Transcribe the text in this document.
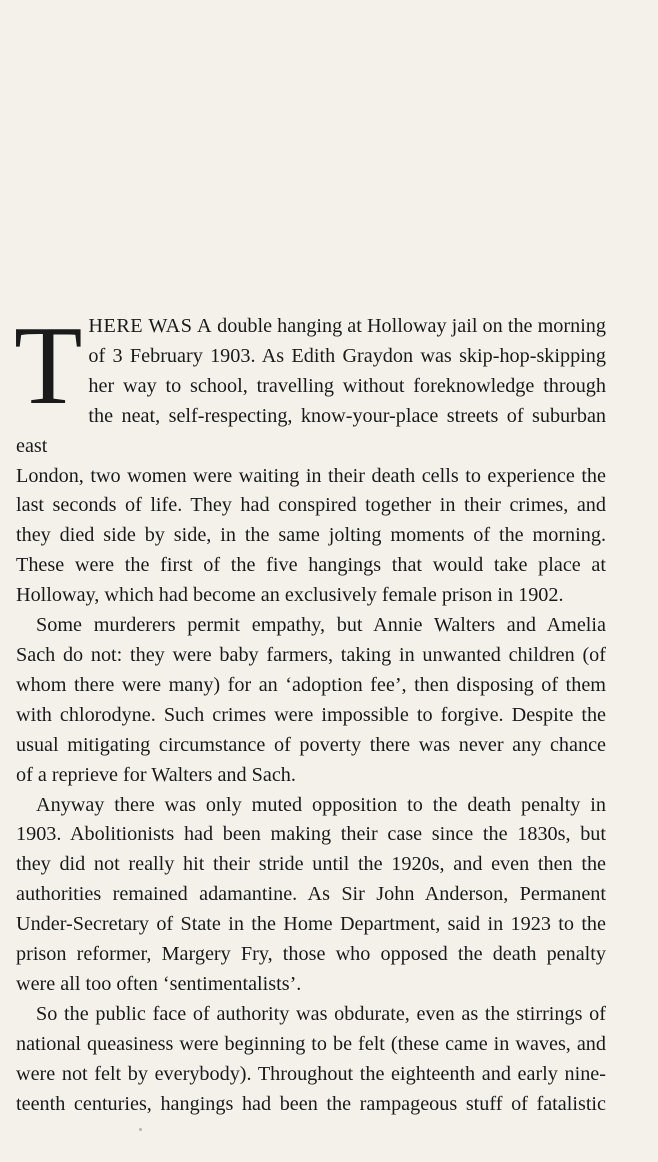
T HERE WAS A double hanging at Holloway jail on the morning
of 3 February 1903. As Edith Graydon was skip-hop-skipping
her way to school, travelling without foreknowledge through
the neat, self-respecting, know-your-place streets of suburban east
London, two women were waiting in their death cells to experience the
last seconds of life. They had conspired together in their crimes, and
they died side by side, in the same jolting moments of the morning.
These were the first of the five hangings that would take place at
Holloway, which had become an exclusively female prison in 1902.

Some murderers permit empathy, but Annie Walters and Amelia
Sach do not: they were baby farmers, taking in unwanted children (of
whom there were many) for an ‘adoption fee’, then disposing of them
with chlorodyne. Such crimes were impossible to forgive. Despite the
usual mitigating circumstance of poverty there was never any chance
of a reprieve for Walters and Sach.

Anyway there was only muted opposition to the death penalty in
1903. Abolitionists had been making their case since the 1830s, but
they did not really hit their stride until the 1920s, and even then the
authorities remained adamantine. As Sir John Anderson, Permanent
Under-Secretary of State in the Home Department, said in 1923 to the
prison reformer, Margery Fry, those who opposed the death penalty
were all too often ‘sentimentalists’.

So the public face of authority was obdurate, even as the stirrings of
national queasiness were beginning to be felt (these came in waves, and
were not felt by everybody). Throughout the eighteenth and early nine-
teenth centuries, hangings had been the rampageous stuff of fatalistic
